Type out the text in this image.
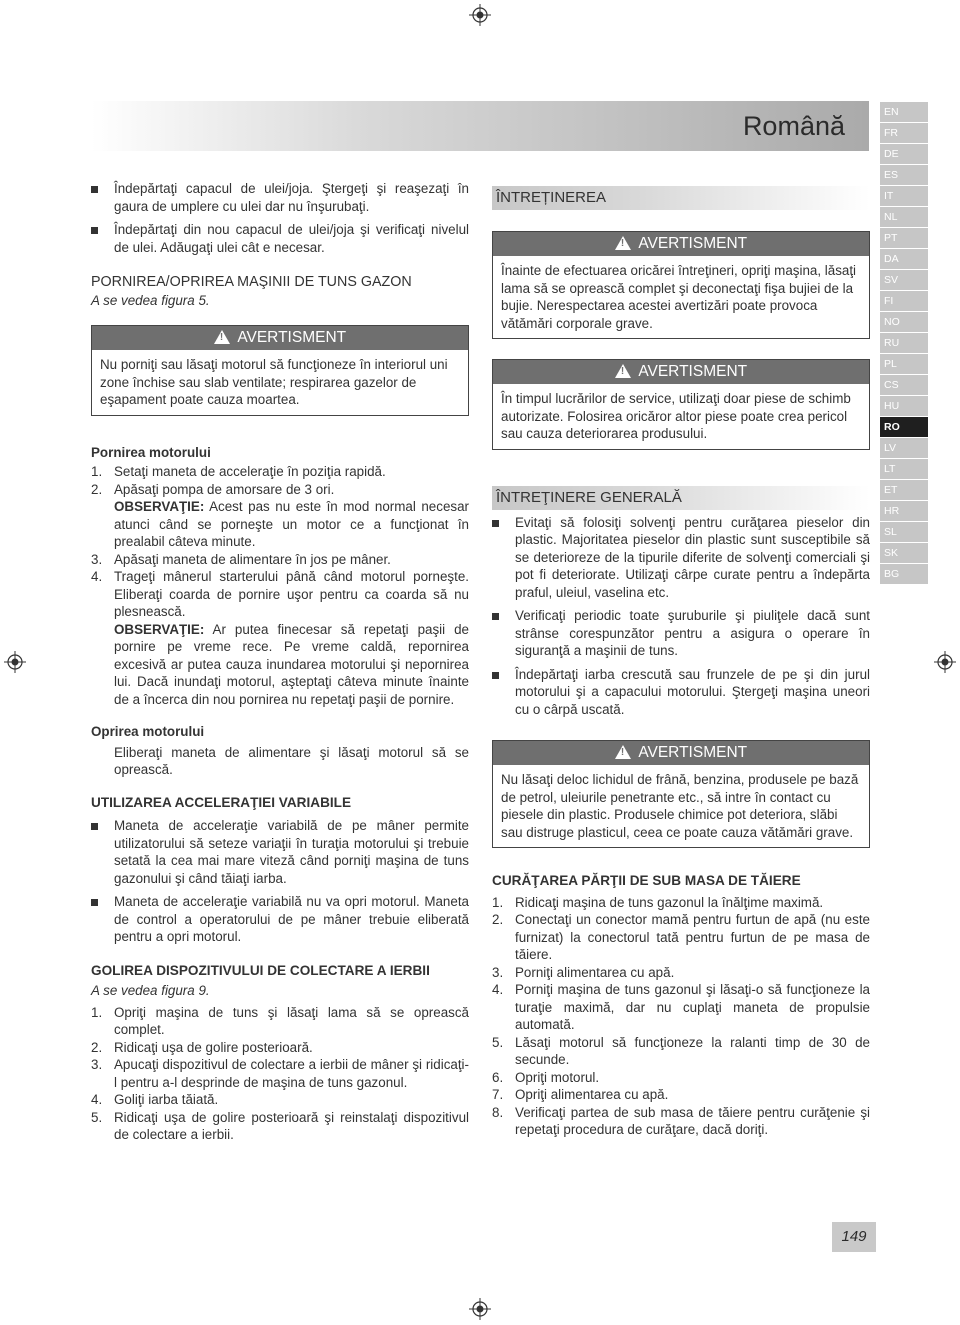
Română	EN
FR
DE
ES
IT
NL
PT
DA
SV
FI
NO
RU
PL
CS
HU
RO
LV
LT
ET
HR
SL
SK
BG
Îndepărtaţi capacul de ulei/joja. Ştergeţi şi reaşezaţi în gaura de umplere cu ulei dar nu înşurubaţi.
Îndepărtaţi din nou capacul de ulei/joja şi verificaţi nivelul de ulei. Adăugaţi ulei cât e necesar.
PORNIREA/OPRIREA MAŞINII DE TUNS GAZON
A se vedea figura 5.
! AVERTISMENT
Nu porniţi sau lăsaţi motorul să funcţioneze în interiorul uni zone închise sau slab ventilate; respirarea gazelor de eşapament poate cauza moartea.
Pornirea motorului
1. Setaţi maneta de acceleraţie în poziţia rapidă.
2. Apăsaţi pompa de amorsare de 3 ori.
OBSERVAŢIE: Acest pas nu este în mod normal necesar atunci când se porneşte un motor ce a funcţionat în prealabil câteva minute.
3. Apăsaţi maneta de alimentare în jos pe mâner.
4. Trageţi mânerul starterului până când motorul porneşte. Eliberaţi coarda de pornire uşor pentru ca coarda să nu plesnească.
OBSERVAŢIE: Ar putea finecesar să repetaţi paşii de pornire pe vreme rece. Pe vreme caldă, repornirea excesivă ar putea cauza inundarea motorului şi nepornirea lui. Dacă inundaţi motorul, aşteptaţi câteva minute înainte de a încerca din nou pornirea nu repetaţi paşii de pornire.
Oprirea motorului
Eliberaţi maneta de alimentare şi lăsaţi motorul să se oprească.
UTILIZAREA ACCELERAŢIEI VARIABILE
Maneta de acceleraţie variabilă de pe mâner permite utilizatorului să seteze variaţii în turaţia motorului şi trebuie setată la cea mai mare viteză când porniţi maşina de tuns gazonului şi când tăiaţi iarba.
Maneta de acceleraţie variabilă nu va opri motorul. Maneta de control a operatorului de pe mâner trebuie eliberată pentru a opri motorul.
GOLIREA DISPOZITIVULUI DE COLECTARE A IERBII
A se vedea figura 9.
1. Opriţi maşina de tuns şi lăsaţi lama să se oprească complet.
2. Ridicaţi uşa de golire posterioară.
3. Apucaţi dispozitivul de colectare a ierbii de mâner şi ridicaţi-l pentru a-l desprinde de maşina de tuns gazonul.
4. Goliţi iarba tăiată.
5. Ridicaţi uşa de golire posterioară şi reinstalaţi dispozitivul de colectare a ierbii.
ÎNTREȚINEREA
! AVERTISMENT
Înainte de efectuarea oricărei întreţineri, opriţi maşina, lăsaţi lama să se oprească complet şi deconectaţi fişa bujiei de la bujie. Nerespectarea acestei avertizări poate provoca vătămări corporale grave.
! AVERTISMENT
În timpul lucrărilor de service, utilizaţi doar piese de schimb autorizate. Folosirea oricăror altor piese poate crea pericol sau cauza deteriorarea produsului.
ÎNTREŢINERE GENERALĂ
Evitaţi să folosiţi solvenţi pentru curăţarea pieselor din plastic. Majoritatea pieselor din plastic sunt susceptibile să se deterioreze de la tipurile diferite de solvenţi comerciali şi pot fi deteriorate. Utilizaţi cârpe curate pentru a îndepărta praful, uleiul, vaselina etc.
Verificaţi periodic toate şuruburile şi piuliţele dacă sunt strânse corespunzător pentru a asigura o operare în siguranţă a maşinii de tuns.
Îndepărtaţi iarba crescută sau frunzele de pe şi din jurul motorului şi a capacului motorului. Ştergeţi maşina uneori cu o cârpă uscată.
! AVERTISMENT
Nu lăsaţi deloc lichidul de frână, benzina, produsele pe bază de petrol, uleiurile penetrante etc., să intre în contact cu piesele din plastic. Produsele chimice pot deteriora, slăbi sau distruge plasticul, ceea ce poate cauza vătămări grave.
CURĂŢAREA PĂRŢII DE SUB MASA DE TĂIERE
1. Ridicaţi maşina de tuns gazonul la înălţime maximă.
2. Conectaţi un conector mamă pentru furtun de apă (nu este furnizat) la conectorul tată pentru furtun de pe masa de tăiere.
3. Porniţi alimentarea cu apă.
4. Porniţi maşina de tuns gazonul şi lăsaţi-o să funcţioneze la turaţie maximă, dar nu cuplaţi maneta de propulsie automată.
5. Lăsaţi motorul să funcţioneze la ralanti timp de 30 de secunde.
6. Opriţi motorul.
7. Opriţi alimentarea cu apă.
8. Verificaţi partea de sub masa de tăiere pentru curăţenie şi repetaţi procedura de curăţare, dacă doriţi.
149
